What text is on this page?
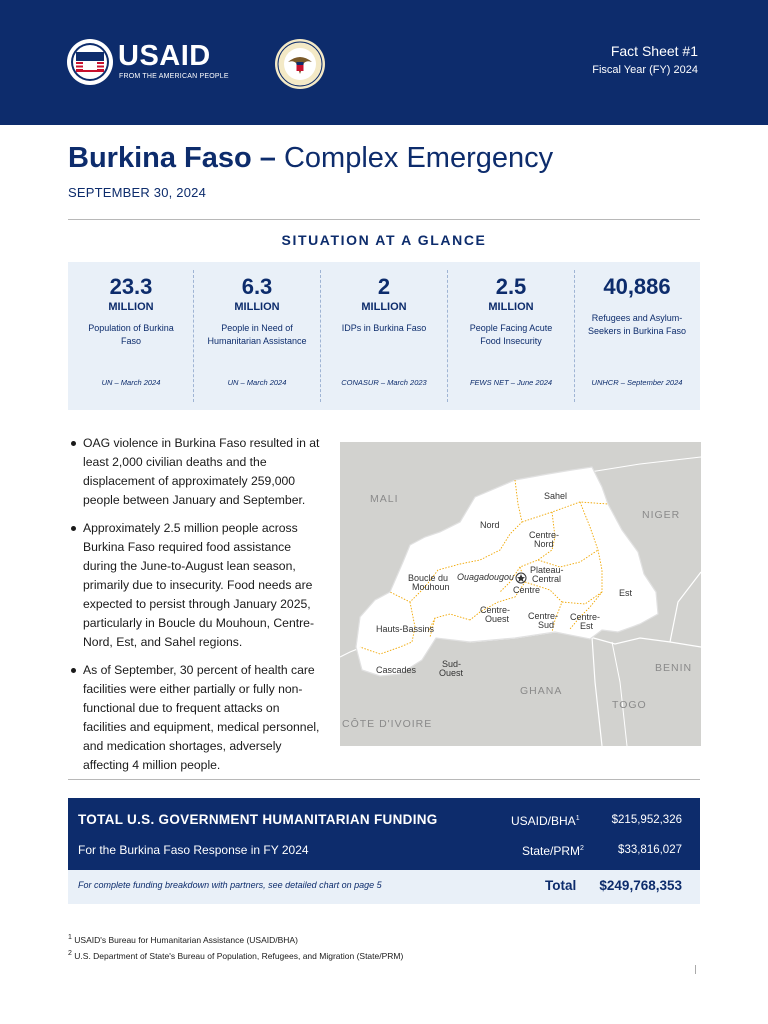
USAID
FROM THE AMERICAN PEOPLE
Fact Sheet #1
Fiscal Year (FY) 2024
Burkina Faso – Complex Emergency
SEPTEMBER 30, 2024
SITUATION AT A GLANCE
23.3
MILLION
Population of Burkina Faso
UN – March 2024
6.3
MILLION
People in Need of Humanitarian Assistance
UN – March 2024
2
MILLION
IDPs in Burkina Faso
CONASUR – March 2023
2.5
MILLION
People Facing Acute Food Insecurity
FEWS NET – June 2024
40,886
Refugees and Asylum-Seekers in Burkina Faso
UNHCR – September 2024
OAG violence in Burkina Faso resulted in at least 2,000 civilian deaths and the displacement of approximately 259,000 people between January and September.
Approximately 2.5 million people across Burkina Faso required food assistance during the June-to-August lean season, primarily due to insecurity. Food needs are expected to persist through January 2025, particularly in Boucle du Mouhoun, Centre-Nord, Est, and Sahel regions.
As of September, 30 percent of health care facilities were either partially or fully non-functional due to frequent attacks on facilities and equipment, medical personnel, and medication shortages, adversely affecting 4 million people.
MALI
NIGER
BENIN
GHANA
TOGO
CÔTE D'IVOIRE
Sahel
Nord
Centre-
Nord
Boucle du
Mouhoun
Ouagadougou
Plateau-
Central
Centre	Est
Hauts-Bassins
Centre-
Ouest Centre-
Sud
Centre-
Est
Cascades
Sud-
Ouest
TOTAL U.S. GOVERNMENT HUMANITARIAN FUNDING
For the Burkina Faso Response in FY 2024
USAID/BHA$^1$	$215,952,326
State/PRM$^2$	$33,816,027
For complete funding breakdown with partners, see detailed chart on page 5	Total $249,768,353
$^1$ USAID's Bureau for Humanitarian Assistance (USAID/BHA)
$^2$ U.S. Department of State's Bureau of Population, Refugees, and Migration (State/PRM)
